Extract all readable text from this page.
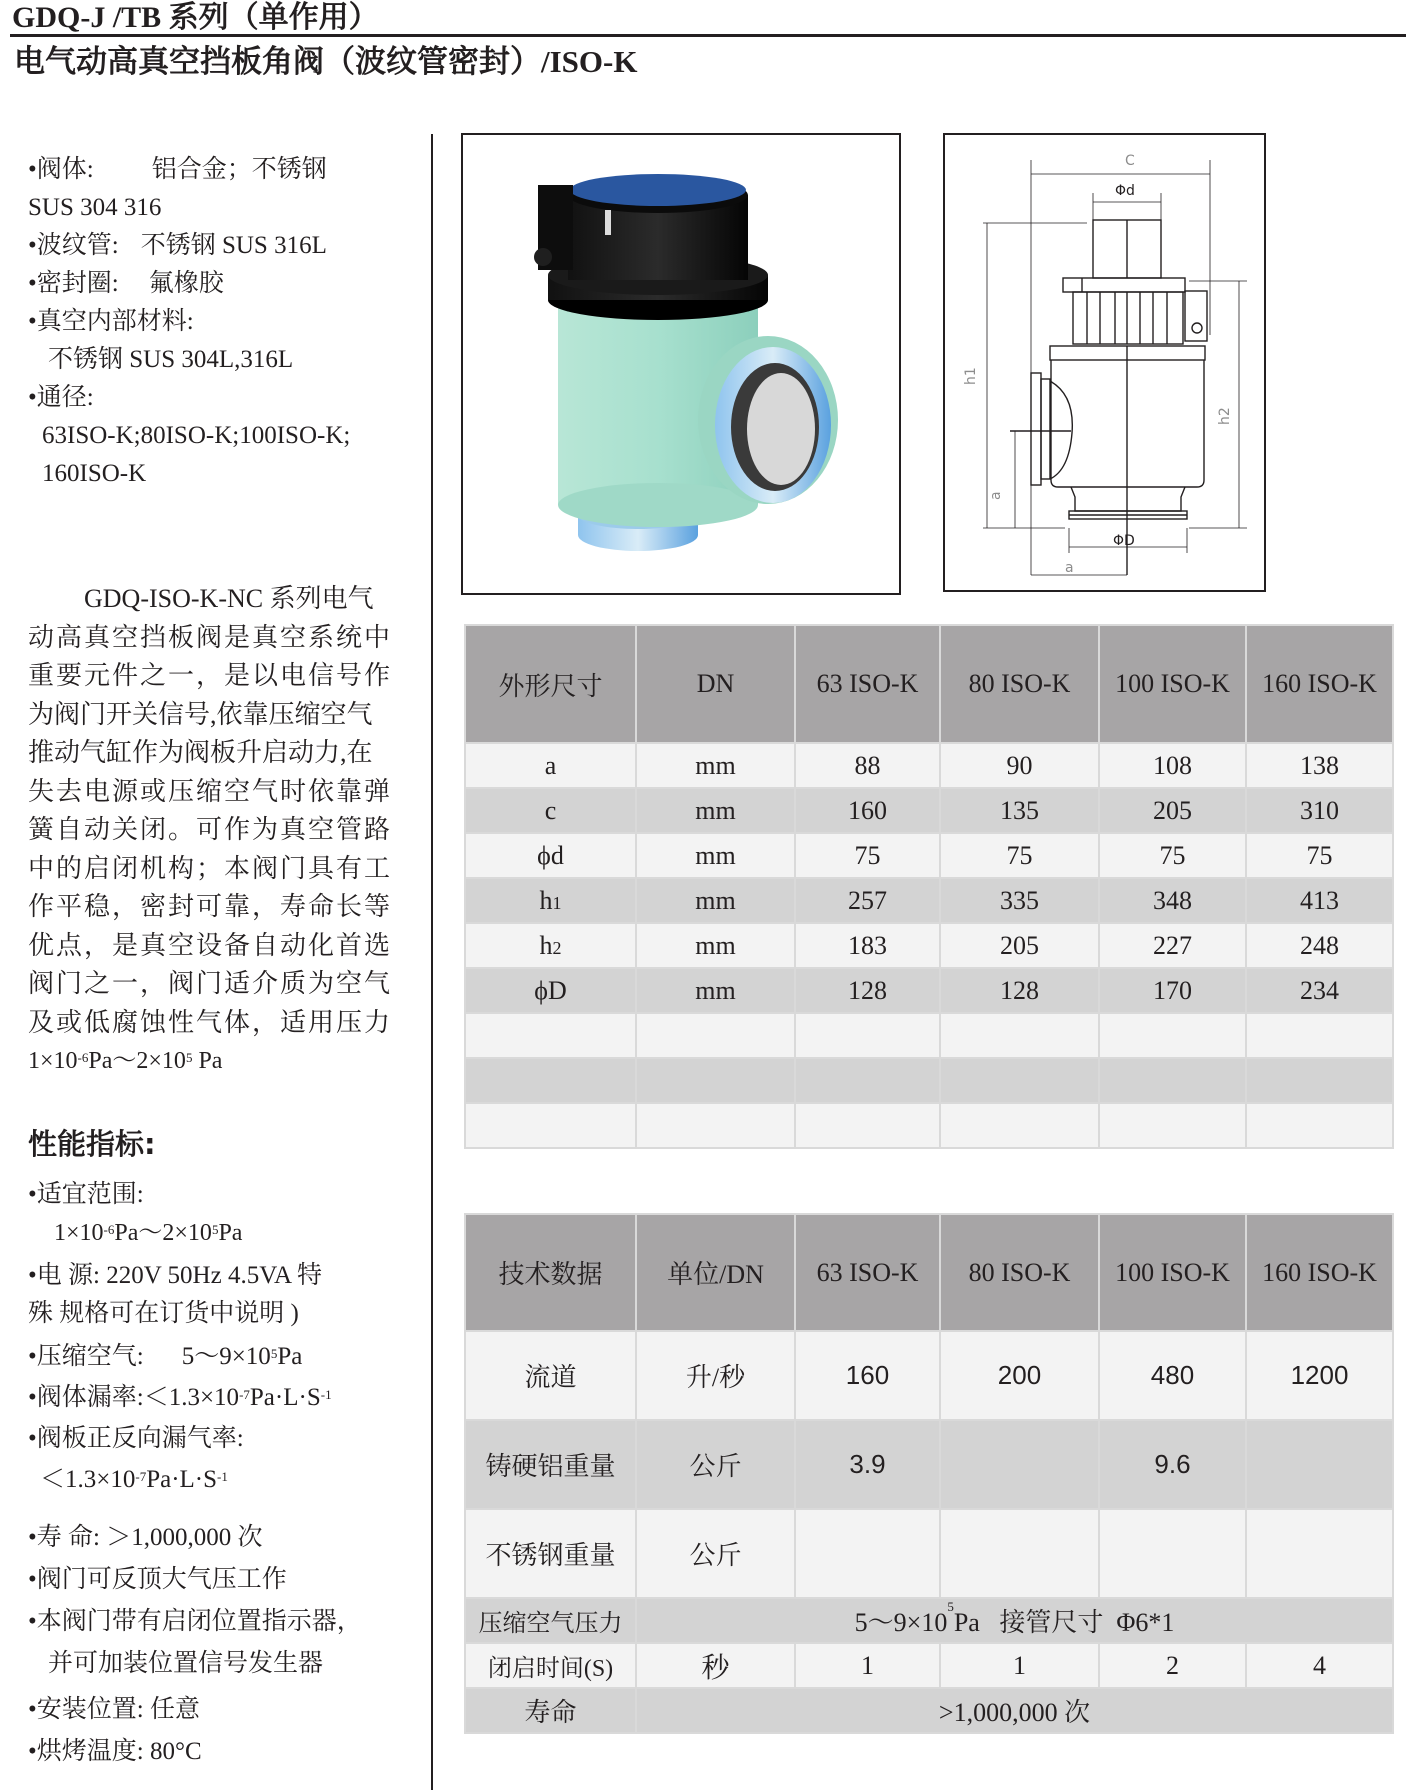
GDQ-J /TB 系列（单作用）
电气动高真空挡板角阀（波纹管密封）/ISO-K
•阀体: 铝合金；不锈钢
SUS 304 316
•波纹管: 不锈钢 SUS 316L
•密封圈: 氟橡胶
•真空内部材料:
不锈钢 SUS 304L,316L
•通径:
63ISO-K;80ISO-K;100ISO-K;
160ISO-K
GDQ-ISO-K-NC 系列电气
动高真空挡板阀是真空系统中
重要元件之一，是以电信号作
为阀门开关信号,依靠压缩空气
推动气缸作为阀板升启动力,在
失去电源或压缩空气时依靠弹
簧自动关闭。可作为真空管路
中的启闭机构；本阀门具有工
作平稳，密封可靠，寿命长等
优点，是真空设备自动化首选
阀门之一，阀门适介质为空气
及或低腐蚀性气体，适用压力
$1\times 10^{-6}Pa\sim 2\times 10^5$ Pa
性能指标:
•适宜范围:
$1\times 10^{-6}Pa\sim 2\times 10^5Pa$
•电 源: 220V 50Hz 4.5VA 特
殊 规格可在订货中说明 )
•压缩空气: $5\sim 9\times 10^5Pa$
•阀体漏率$:<1.3\times 10^{-7}Pa\cdot L\cdot S^{-1}$
•阀板正反向漏气率:
$<1.3\times 10^{-7}Pa\cdot L\cdot S^{-1}$
•寿 命: ＞1,000,000 次
•阀门可反顶大气压工作
•本阀门带有启闭位置指示器，
并可加装位置信号发生器
•安装位置: 任意
•烘烤温度: 80°C
C
Φd
h1
a
h2
ΦD
a
外形尺寸	DN	63 ISO-K	80 ISO-K	100 ISO-K	160 ISO-K
a	mm	88	90	108	138
c	mm	160	135	205	310
ϕd	mm	75	75	75	75
h1	mm	257	335	348	413
h2	mm	183	205	227	248
ϕD	mm	128	128	170	234

技术数据	单位/DN	63 ISO-K	80 ISO-K	100 ISO-K	160 ISO-K
流道	升/秒	160	200	480	1200
铸硬铝重量	公斤	3.9		9.6	
不锈钢重量	公斤				
压缩空气压力	$5\sim 9\times 10^5Pa$   接管尺寸  Φ6*1				
闭启时间(S)	秒	1	1	2	4
寿命	>1,000,000 次				
